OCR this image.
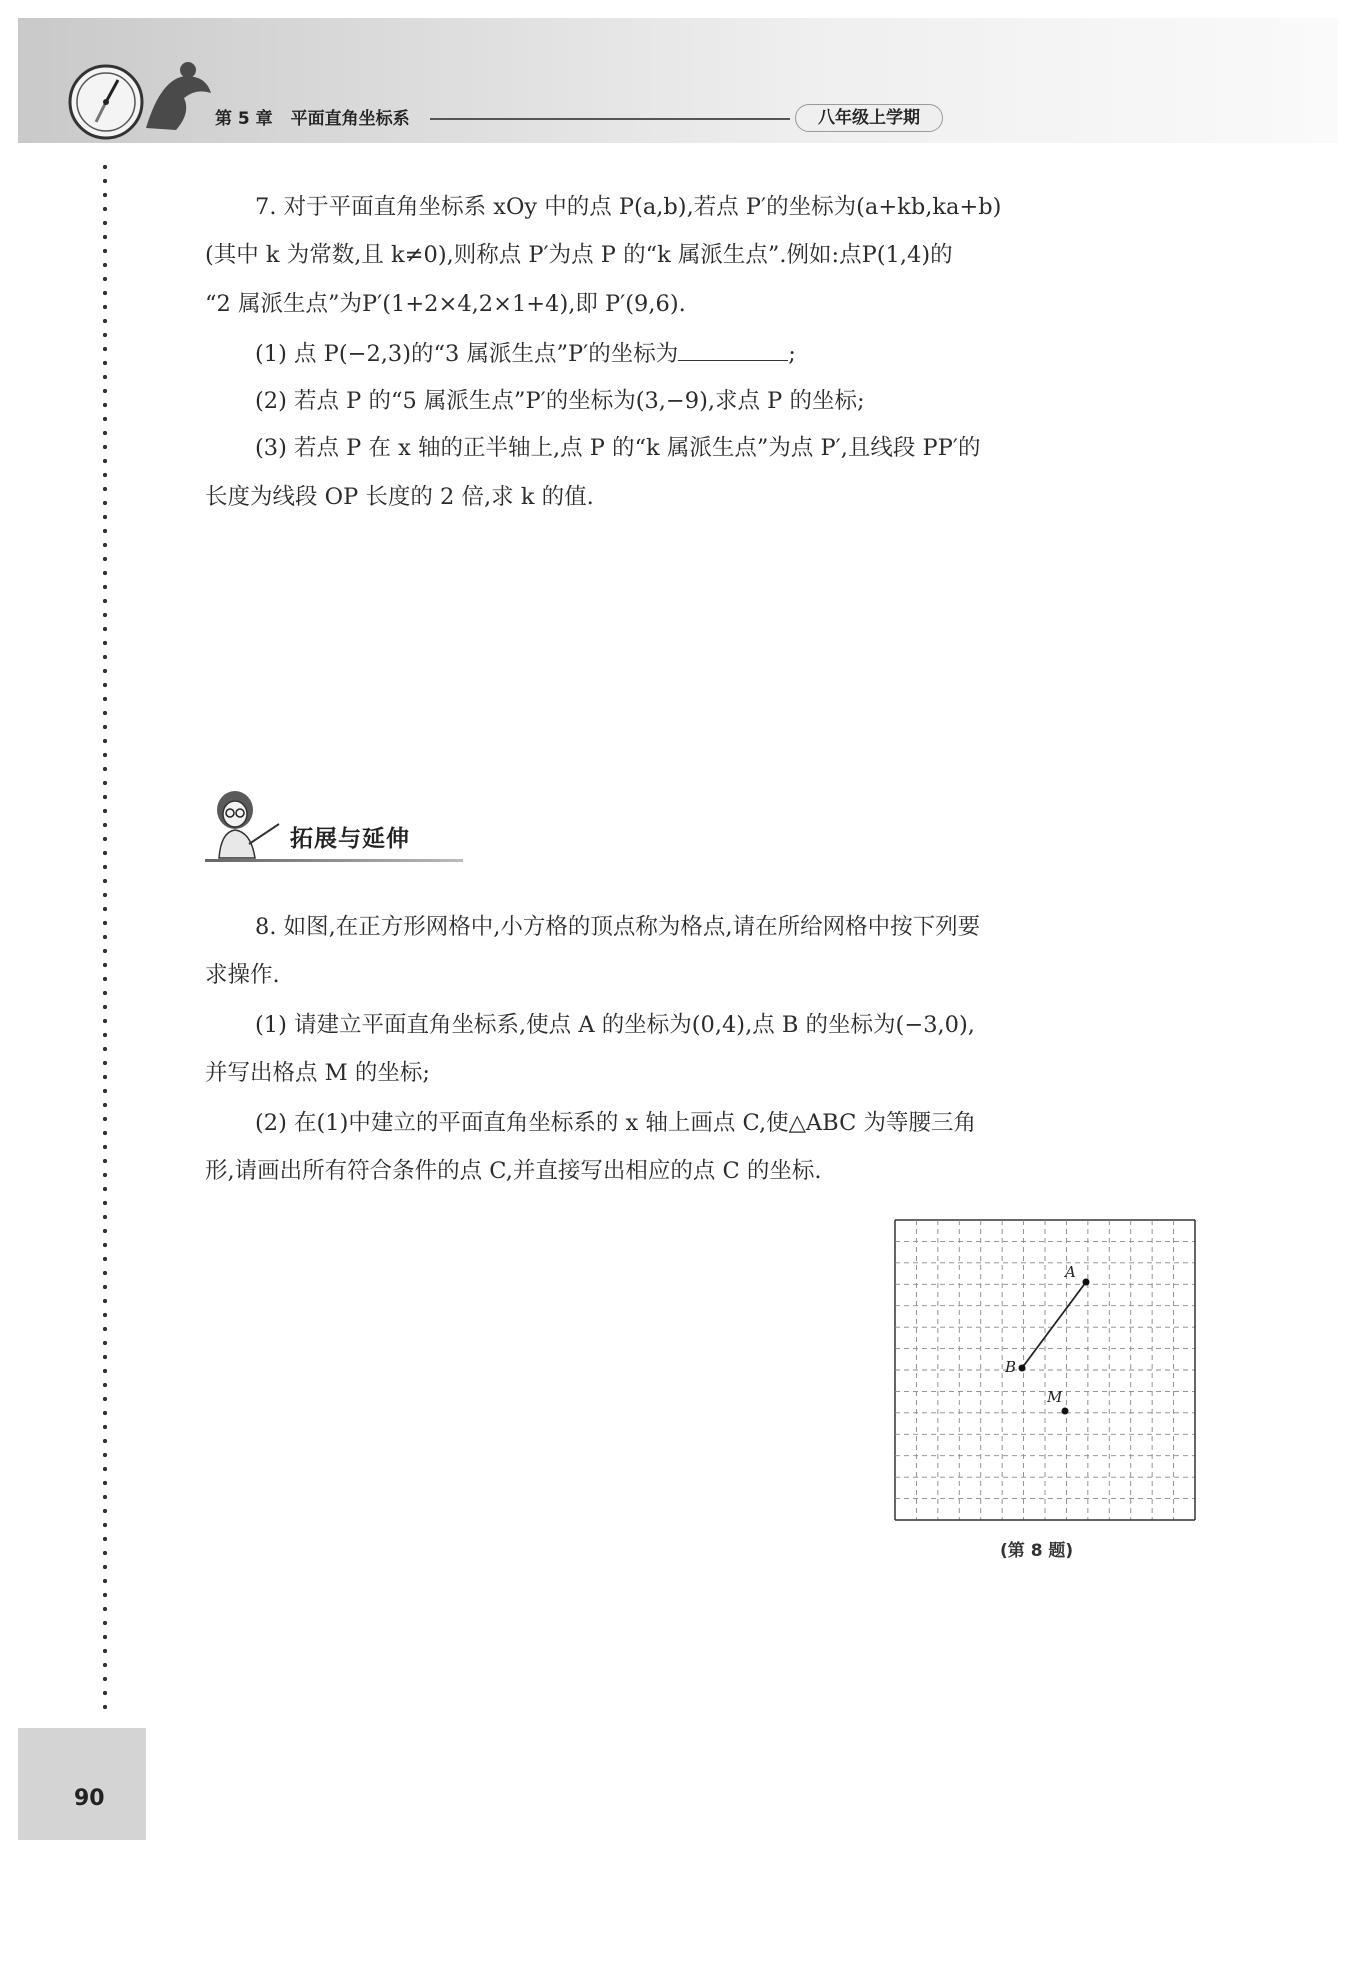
第 5 章 平面直角坐标系	八年级上学期
7. 对于平面直角坐标系 xOy 中的点 P(a,b),若点 P′的坐标为(a+kb,ka+b)
(其中 k 为常数,且 k≠0),则称点 P′为点 P 的“k 属派生点”.例如:点P(1,4)的
“2 属派生点”为P′(1+2×4,2×1+4),即 P′(9,6).
(1) 点 P(−2,3)的“3 属派生点”P′的坐标为	;
(2) 若点 P 的“5 属派生点”P′的坐标为(3,−9),求点 P 的坐标;
(3) 若点 P 在 x 轴的正半轴上,点 P 的“k 属派生点”为点 P′,且线段 PP′的
长度为线段 OP 长度的 2 倍,求 k 的值.
拓展与延伸
8. 如图,在正方形网格中,小方格的顶点称为格点,请在所给网格中按下列要
求操作.
(1) 请建立平面直角坐标系,使点 A 的坐标为(0,4),点 B 的坐标为(−3,0),
并写出格点 M 的坐标;
(2) 在(1)中建立的平面直角坐标系的 x 轴上画点 C,使△ABC 为等腰三角
形,请画出所有符合条件的点 C,并直接写出相应的点 C 的坐标.
A
B
M
(第 8 题)
90
